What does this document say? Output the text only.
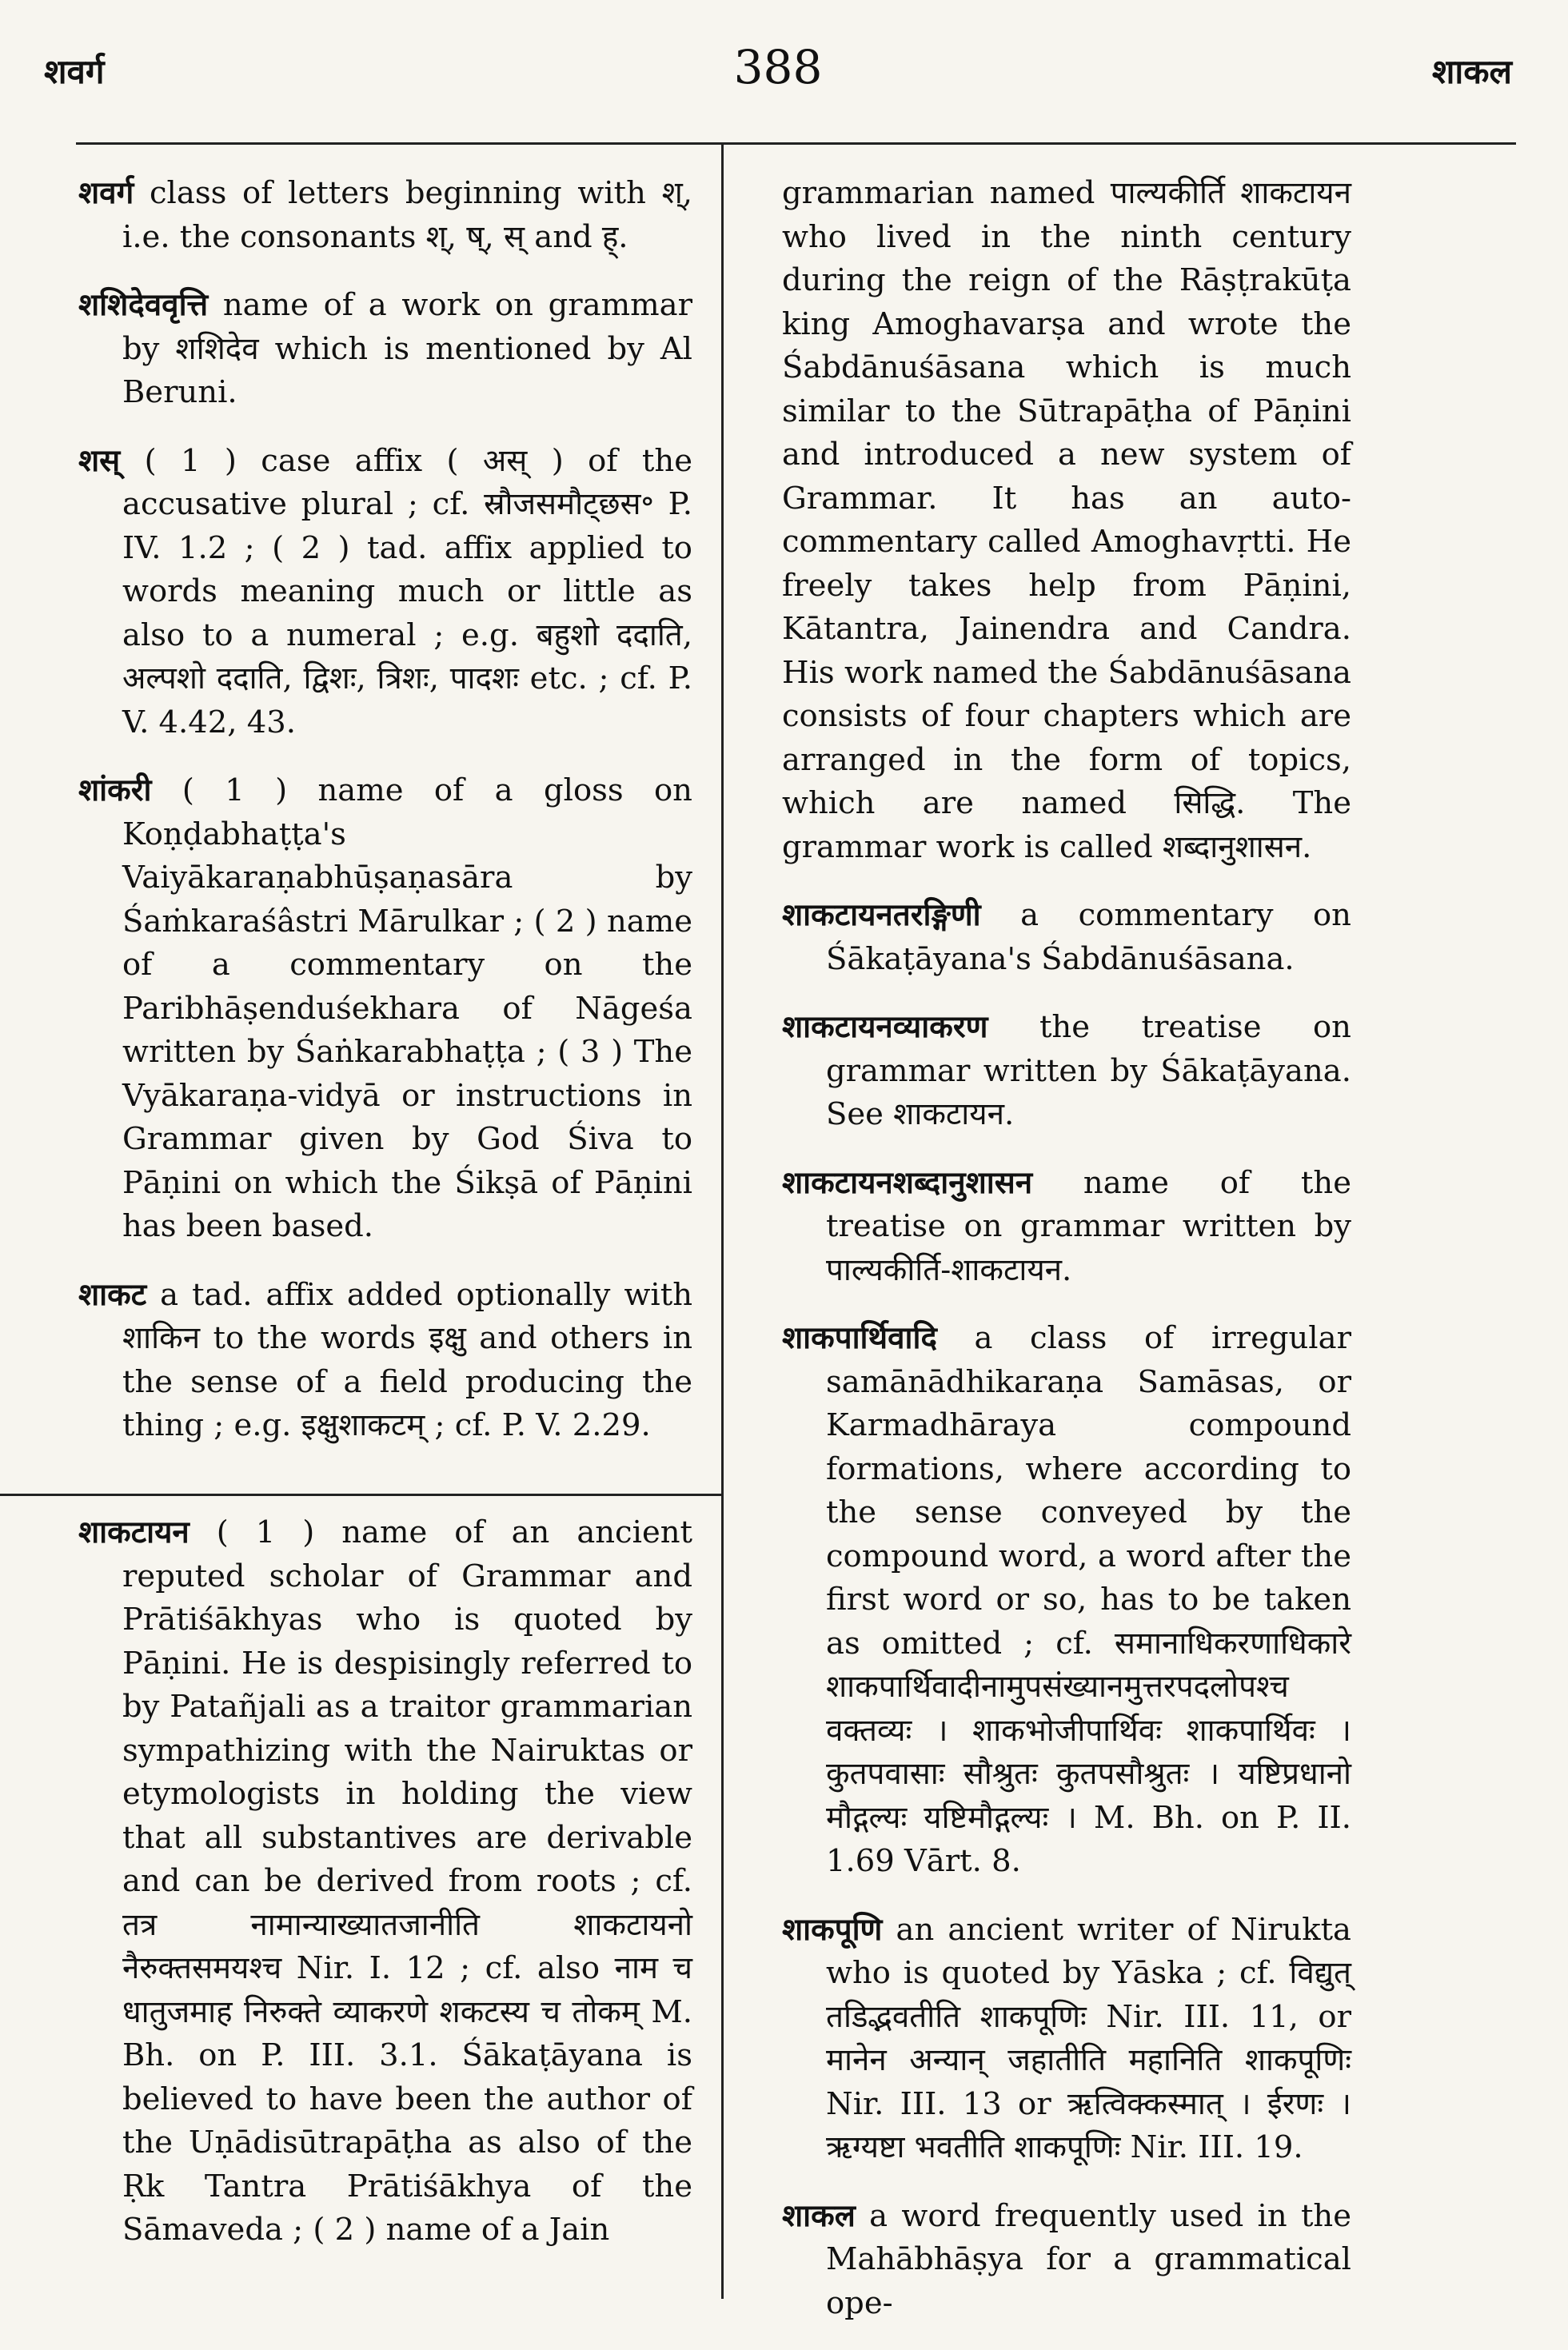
शवर्ग	388	शाकल

शवर्ग class of letters beginning with श्, i.e. the consonants श्, ष्, स् and ह्.

शशिदेववृत्ति name of a work on grammar by शशिदेव which is mentioned by Al Beruni.

शस् ( 1 ) case affix ( अस् ) of the accusative plural ; cf. स्रौजसमौट्छस॰ P. IV. 1.2 ; ( 2 ) tad. affix applied to words meaning much or little as also to a numeral ; e.g. बहुशो ददाति, अल्पशो ददाति, द्विशः, त्रिशः, पादशः etc. ; cf. P. V. 4.42, 43.

शांकरी ( 1 ) name of a gloss on Koṇḍabhaṭṭa's Vaiyākaraṇabhūṣaṇasāra by Śaṁkaraśâstri Mārulkar ; ( 2 ) name of a commentary on the Paribhāṣenduśekhara of Nāgeśa written by Śaṅkarabhaṭṭa ; ( 3 ) The Vyākaraṇa-vidyā or instructions in Grammar given by God Śiva to Pāṇini on which the Śikṣā of Pāṇini has been based.

शाकट a tad. affix added optionally with शाकिन to the words इक्षु and others in the sense of a field producing the thing ; e.g. इक्षुशाकटम् ; cf. P. V. 2.29.

शाकटायन ( 1 ) name of an ancient reputed scholar of Grammar and Prātiśākhyas who is quoted by Pāṇini. He is despisingly referred to by Patañjali as a traitor grammarian sympathizing with the Nairuktas or etymologists in holding the view that all substantives are derivable and can be derived from roots ; cf. तत्र नामान्याख्यातजानीति शाकटायनो नैरुक्तसमयश्च Nir. I. 12 ; cf. also नाम च धातुजमाह निरुक्ते व्याकरणे शकटस्य च तोकम् M. Bh. on P. III. 3.1. Śākaṭāyana is believed to have been the author of the Uṇādisūtrapāṭha as also of the Ṛk Tantra Prātiśākhya of the Sāmaveda ; ( 2 ) name of a Jain

grammarian named पाल्यकीर्ति शाकटायन who lived in the ninth century during the reign of the Rāṣṭrakūṭa king Amoghavarṣa and wrote the Śabdānuśāsana which is much similar to the Sūtrapāṭha of Pāṇini and introduced a new system of Grammar. It has an auto-commentary called Amoghavṛtti. He freely takes help from Pāṇini, Kātantra, Jainendra and Candra. His work named the Śabdānuśāsana consists of four chapters which are arranged in the form of topics, which are named सिद्धि. The grammar work is called शब्दानुशासन.

शाकटायनतरङ्गिणी a commentary on Śākaṭāyana's Śabdānuśāsana.

शाकटायनव्याकरण the treatise on grammar written by Śākaṭāyana. See शाकटायन.

शाकटायनशब्दानुशासन name of the treatise on grammar written by पाल्यकीर्ति-शाकटायन.

शाकपार्थिवादि a class of irregular samānādhikaraṇa Samāsas, or Karmadhāraya compound formations, where according to the sense conveyed by the compound word, a word after the first word or so, has to be taken as omitted ; cf. समानाधिकरणाधिकारे शाकपार्थिवादीनामुपसंख्यानमुत्तरपदलोपश्च वक्तव्यः । शाकभोजीपार्थिवः शाकपार्थिवः । कुतपवासाः सौश्रुतः कुतपसौश्रुतः । यष्टिप्रधानो मौद्गल्यः यष्टिमौद्गल्यः । M. Bh. on P. II. 1.69 Vārt. 8.

शाकपूणि an ancient writer of Nirukta who is quoted by Yāska ; cf. विद्युत् तडिद्भवतीति शाकपूणिः Nir. III. 11, or मानेन अन्यान् जहातीति महानिति शाकपूणिः Nir. III. 13 or ऋत्विक्कस्मात् । ईरणः । ऋग्यष्टा भवतीति शाकपूणिः Nir. III. 19.

शाकल a word frequently used in the Mahābhāṣya for a grammatical ope-
